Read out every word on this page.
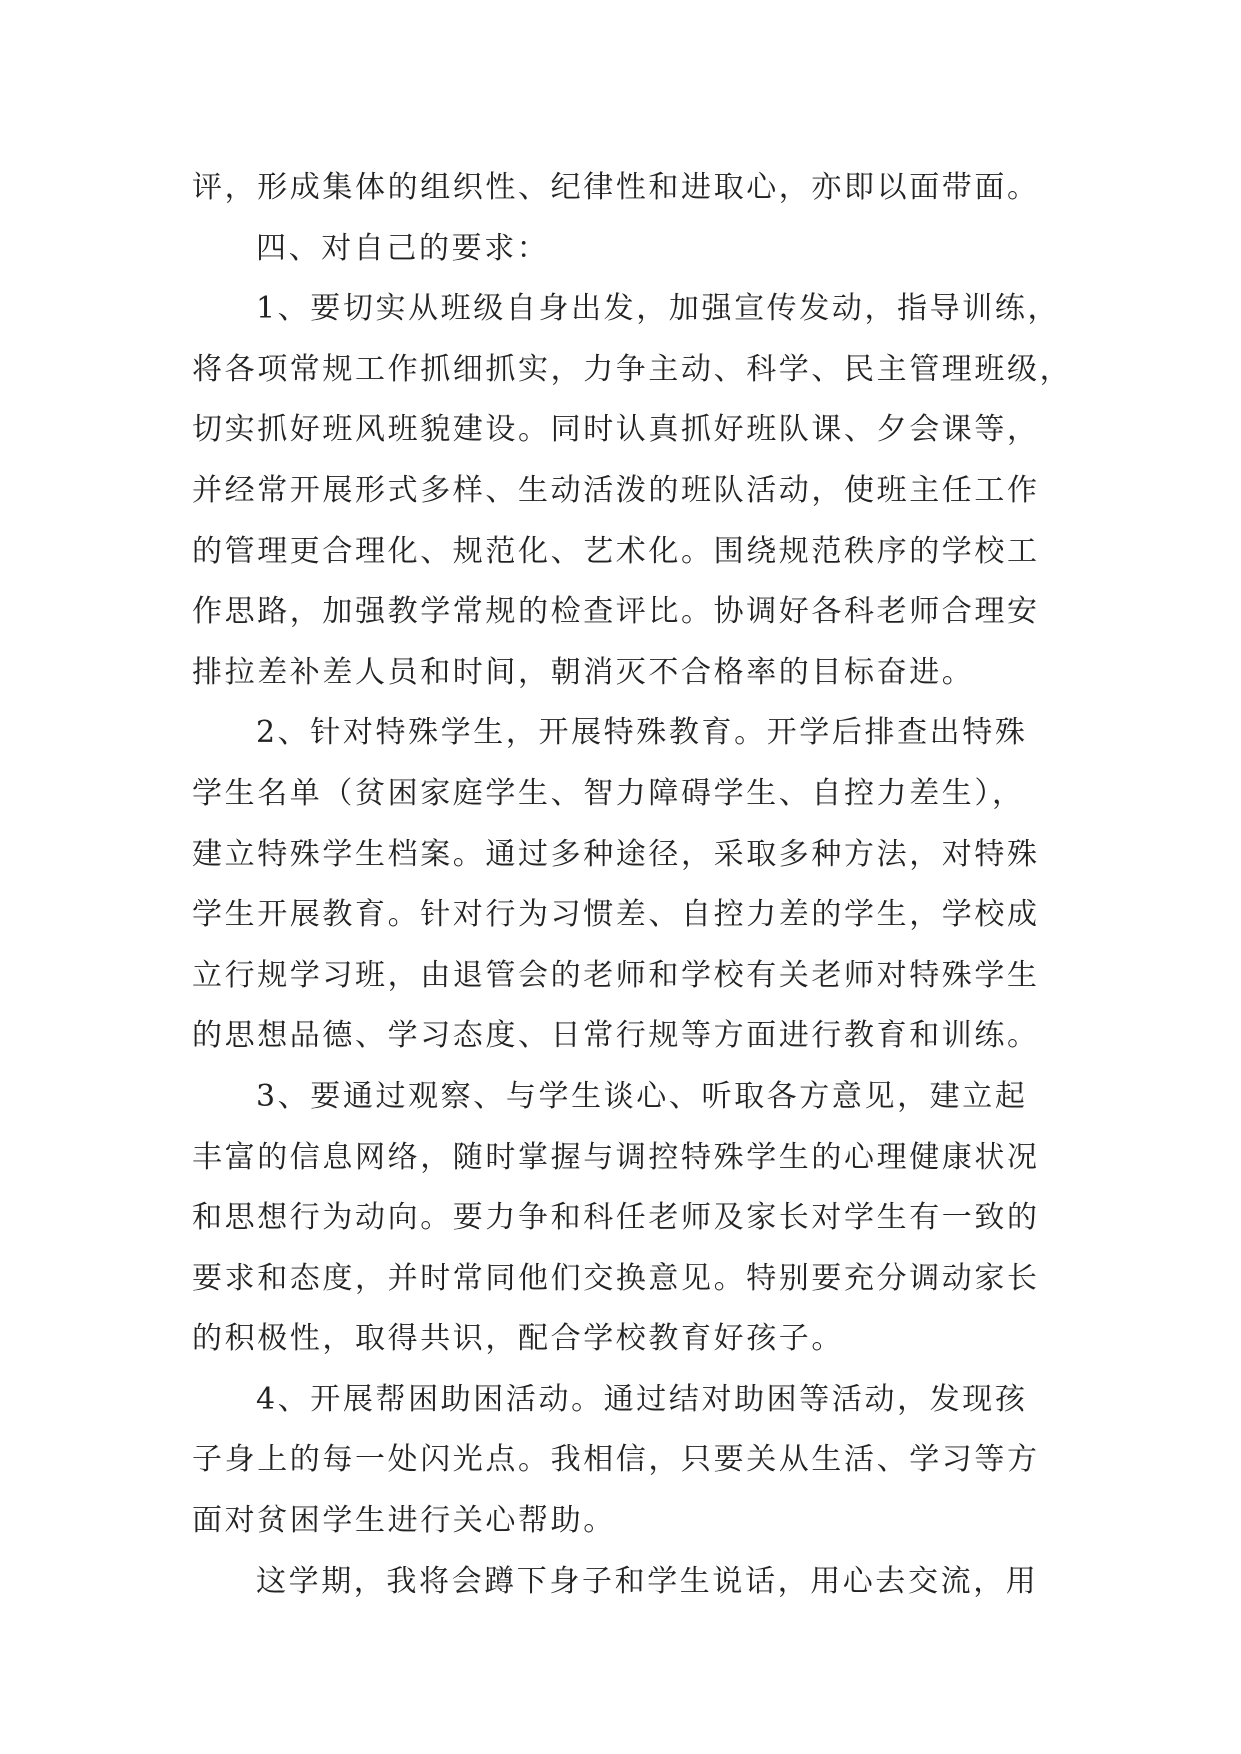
评，形成集体的组织性、纪律性和进取心，亦即以面带面。
四、对自己的要求：
1、要切实从班级自身出发，加强宣传发动，指导训练，
将各项常规工作抓细抓实，力争主动、科学、民主管理班级，
切实抓好班风班貌建设。同时认真抓好班队课、夕会课等，
并经常开展形式多样、生动活泼的班队活动，使班主任工作
的管理更合理化、规范化、艺术化。围绕规范秩序的学校工
作思路，加强教学常规的检查评比。协调好各科老师合理安
排拉差补差人员和时间，朝消灭不合格率的目标奋进。
2、针对特殊学生，开展特殊教育。开学后排查出特殊
学生名单（贫困家庭学生、智力障碍学生、自控力差生），
建立特殊学生档案。通过多种途径，采取多种方法，对特殊
学生开展教育。针对行为习惯差、自控力差的学生，学校成
立行规学习班，由退管会的老师和学校有关老师对特殊学生
的思想品德、学习态度、日常行规等方面进行教育和训练。
3、要通过观察、与学生谈心、听取各方意见，建立起
丰富的信息网络，随时掌握与调控特殊学生的心理健康状况
和思想行为动向。要力争和科任老师及家长对学生有一致的
要求和态度，并时常同他们交换意见。特别要充分调动家长
的积极性，取得共识，配合学校教育好孩子。
4、开展帮困助困活动。通过结对助困等活动，发现孩
子身上的每一处闪光点。我相信，只要关从生活、学习等方
面对贫困学生进行关心帮助。
这学期，我将会蹲下身子和学生说话，用心去交流，用
